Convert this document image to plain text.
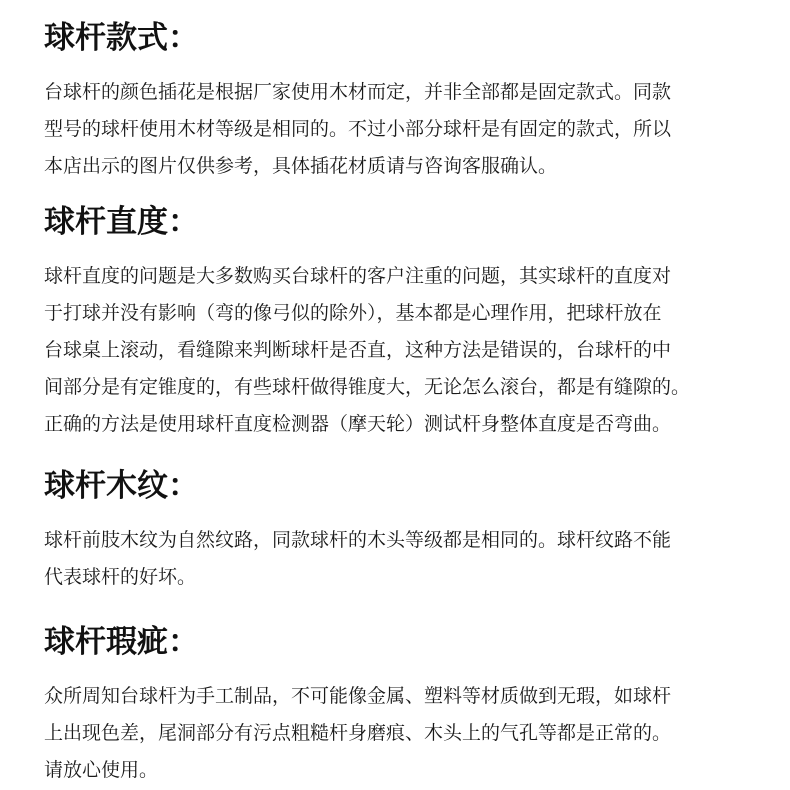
球杆款式：
台球杆的颜色插花是根据厂家使用木材而定，并非全部都是固定款式。同款
型号的球杆使用木材等级是相同的。不过小部分球杆是有固定的款式，所以
本店出示的图片仅供参考，具体插花材质请与咨询客服确认。
球杆直度：
球杆直度的问题是大多数购买台球杆的客户注重的问题，其实球杆的直度对
于打球并没有影响（弯的像弓似的除外），基本都是心理作用，把球杆放在
台球桌上滚动，看缝隙来判断球杆是否直，这种方法是错误的，台球杆的中
间部分是有定锥度的，有些球杆做得锥度大，无论怎么滚台，都是有缝隙的。
正确的方法是使用球杆直度检测器（摩天轮）测试杆身整体直度是否弯曲。
球杆木纹：
球杆前肢木纹为自然纹路，同款球杆的木头等级都是相同的。球杆纹路不能
代表球杆的好坏。
球杆瑕疵：
众所周知台球杆为手工制品，不可能像金属、塑料等材质做到无瑕，如球杆
上出现色差，尾洞部分有污点粗糙杆身磨痕、木头上的气孔等都是正常的。
请放心使用。
